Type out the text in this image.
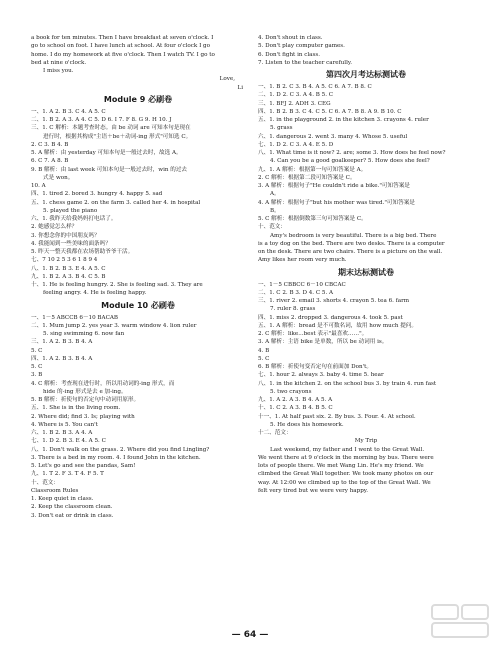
a book for ten minutes. Then I have breakfast at seven o'clock. I
go to school on foot. I have lunch at school. At four o'clock I go
home. I do my homework at five o'clock. Then I watch TV. I go to
bed at nine o'clock.
I miss you.
Love,
Li
Module 9 必刷卷
一、1. A 2. B 3. C 4. A 5. C
二、1. B 2. A 3. A 4. C 5. D 6. I 7. F 8. G 9. H 10. J
三、1. C 解析：本题考查时态。由 be 动词 are 可知本句是现在
进行时，根据其构成"主语＋be＋动词-ing 形式"可知选 C。
2. C 3. B 4. B
5. A 解析：由 yesterday 可知本句是一般过去时，故选 A。
6. C 7. A 8. B
9. B 解析：由 last week 可知本句是一般过去时，win 的过去
式是 won。
10. A
四、1. tired 2. bored 3. hungry 4. happy 5. sad
五、1. chess game 2. on the farm 3. called her 4. in hospital
5. played the piano
六、1. 我昨天给我妈妈打电话了。
2. 她感觉怎么样？
3. 你想念你的中国朋友吗？
4. 我能闻到一些美味的面条吗？
5. 昨天一整天我都在农场帮助爷爷干活。
七、7 10 2 5 3 6 1 8 9 4
八、1. B 2. B 3. E 4. A 5. C
九、1. B 2. A 3. B 4. C 5. B
十、1. He is feeling hungry. 2. She is feeling sad. 3. They are
feeling angry. 4. He is feeling happy.
Module 10 必刷卷
一、1－5 ABCCB 6－10 BACAB
二、1. Mum jump 2. yes year 3. warm window 4. lion ruler
5. sing swimming 6. now fan
三、1. A 2. B 3. B 4. A
5. C
四、1. A 2. B 3. B 4. A
5. C
3. B
4. C 解析：考查现在进行时，所以用动词的-ing 形式，而
hide 的-ing 形式是去 e 加-ing。
5. B 解析：祈使句的否定句中动词用原形。
五、1. She is in the living room.
2. Where did; find 3. Is; playing with
4. Where is 5. You can't
六、1. B 2. B 3. A 4. A
七、1. D 2. B 3. E 4. A 5. C
八、1. Don't walk on the grass. 2. Where did you find Lingling?
3. There is a bed in my room. 4. I found John in the kitchen.
5. Let's go and see the pandas, Sam!
九、1. T 2. F 3. T 4. F 5. T
十、范文：
Classroom Rules
1. Keep quiet in class.
2. Keep the classroom clean.
3. Don't eat or drink in class.
4. Don't shout in class.
5. Don't play computer games.
6. Don't fight in class.
7. Listen to the teacher carefully.
第四次月考达标测试卷
一、1. B 2. C 3. B 4. A 5. C 6. A 7. B 8. C
二、1. D 2. C 3. A 4. B 5. C
三、1. BFJ 2. ADH 3. CEG
四、1. B 2. B 3. C 4. C 5. C 6. A 7. B 8. A 9. B 10. C
五、1. in the playground 2. in the kitchen 3. crayons 4. ruler
5. grass
六、1. dangerous 2. went 3. many 4. Whose 5. useful
七、1. D 2. C 3. A 4. E 5. D
八、1. What time is it now? 2. are; some 3. How does he feel now?
4. Can you be a good goalkeeper? 5. How does she feel?
九、1. A 解析：根据第一句可知答案是 A。
2. C 解析：根据第二段可知答案是 C。
3. A 解析：根据句子"He couldn't ride a bike."可知答案是
A。
4. A 解析：根据句子"but his mother was tired."可知答案是
B。
5. C 解析：根据倒数第三句可知答案是 C。
十、范文：
Amy's bedroom is very beautiful. There is a big bed. There
is a toy dog on the bed. There are two desks. There is a computer
on the desk. There are two chairs. There is a picture on the wall.
Amy likes her room very much.
期末达标测试卷
一、1－5 CBBCC 6－10 CBCAC
二、1. C 2. B 3. D 4. C 5. A
三、1. river 2. email 3. shorts 4. crayon 5. tea 6. farm
7. ruler 8. grass
四、1. miss 2. dropped 3. dangerous 4. took 5. past
五、1. A 解析：bread 是不可数名词，故用 how much 提问。
2. C 解析：like...best 表示"最喜欢……"。
3. A 解析：主语 bike 是单数，所以 be 动词用 is。
4. B
5. C
6. B 解析：祈使句变否定句在前面加 Don't。
七、1. hour 2. always 3. baby 4. time 5. hear
八、1. in the kitchen 2. on the school bus 3. by train 4. run fast
5. two crayons
九、1. A 2. A 3. B 4. A 5. A
十、1. C 2. A 3. B 4. B 5. C
十一、1. At half past six. 2. By bus. 3. Four. 4. At school.
5. He does his homework.
十二、范文：
My Trip
Last weekend, my father and I went to the Great Wall.
We went there at 9 o'clock in the morning by bus. There were
lots of people there. We met Wang Lin. He's my friend. We
climbed the Great Wall together. We took many photos on our
way. At 12:00 we climbed up to the top of the Great Wall. We
felt very tired but we were very happy.
— 64 —
